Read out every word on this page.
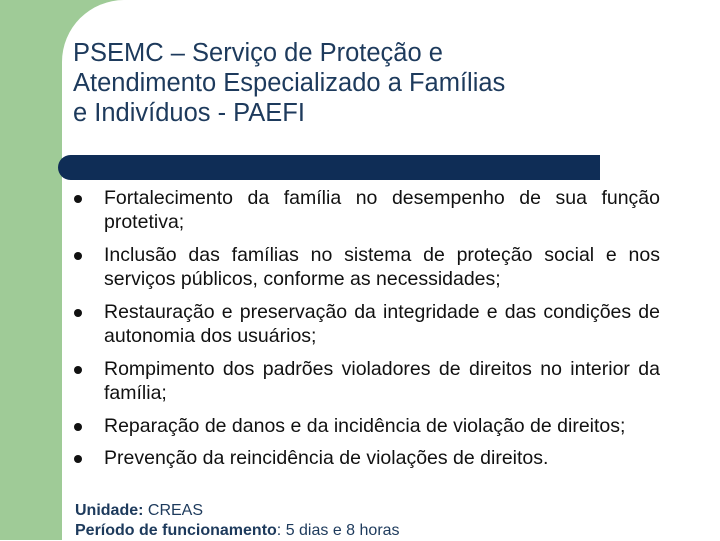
PSEMC – Serviço de Proteção e
Atendimento Especializado a Famílias
e Indivíduos - PAEFI
Fortalecimento da família no desempenho de sua função protetiva;
Inclusão das famílias no sistema de proteção social e nos serviços públicos, conforme as necessidades;
Restauração e preservação da integridade e das condições de autonomia dos usuários;
Rompimento dos padrões violadores de direitos no interior da família;
Reparação de danos e da incidência de violação de direitos;
Prevenção da reincidência de violações de direitos.
Unidade: CREAS
Período de funcionamento: 5 dias e 8 horas
